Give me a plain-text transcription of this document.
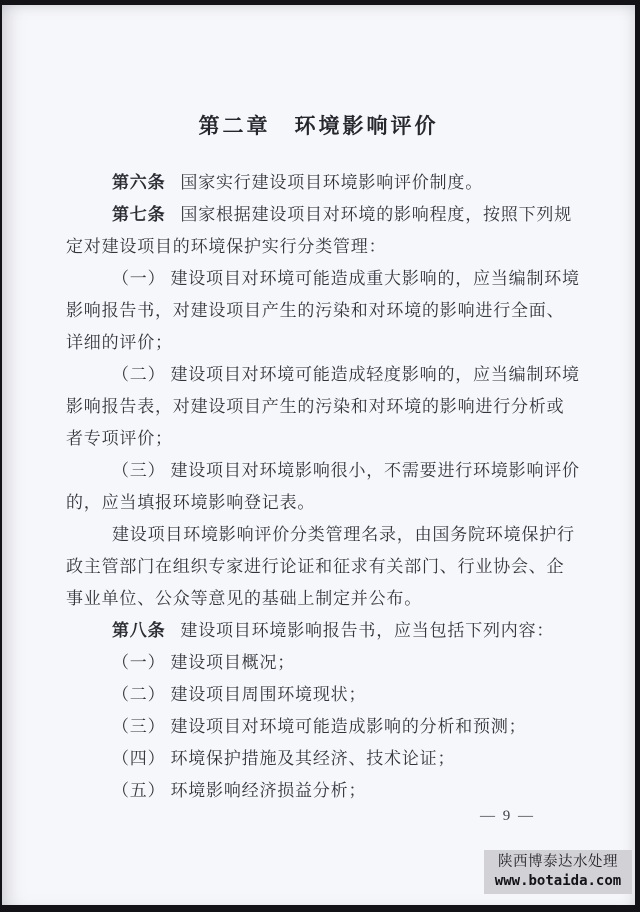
第二章　环境影响评价
第六条 国家实行建设项目环境影响评价制度。
第七条 国家根据建设项目对环境的影响程度，按照下列规
定对建设项目的环境保护实行分类管理：
（一） 建设项目对环境可能造成重大影响的，应当编制环境
影响报告书，对建设项目产生的污染和对环境的影响进行全面、
详细的评价；
（二） 建设项目对环境可能造成轻度影响的，应当编制环境
影响报告表，对建设项目产生的污染和对环境的影响进行分析或
者专项评价；
（三） 建设项目对环境影响很小，不需要进行环境影响评价
的，应当填报环境影响登记表。
建设项目环境影响评价分类管理名录，由国务院环境保护行
政主管部门在组织专家进行论证和征求有关部门、行业协会、企
事业单位、公众等意见的基础上制定并公布。
第八条 建设项目环境影响报告书，应当包括下列内容：
（一） 建设项目概况；
（二） 建设项目周围环境现状；
（三） 建设项目对环境可能造成影响的分析和预测；
（四） 环境保护措施及其经济、技术论证；
（五） 环境影响经济损益分析；
— 9 —
陕西博泰达水处理
www.botaida.com
